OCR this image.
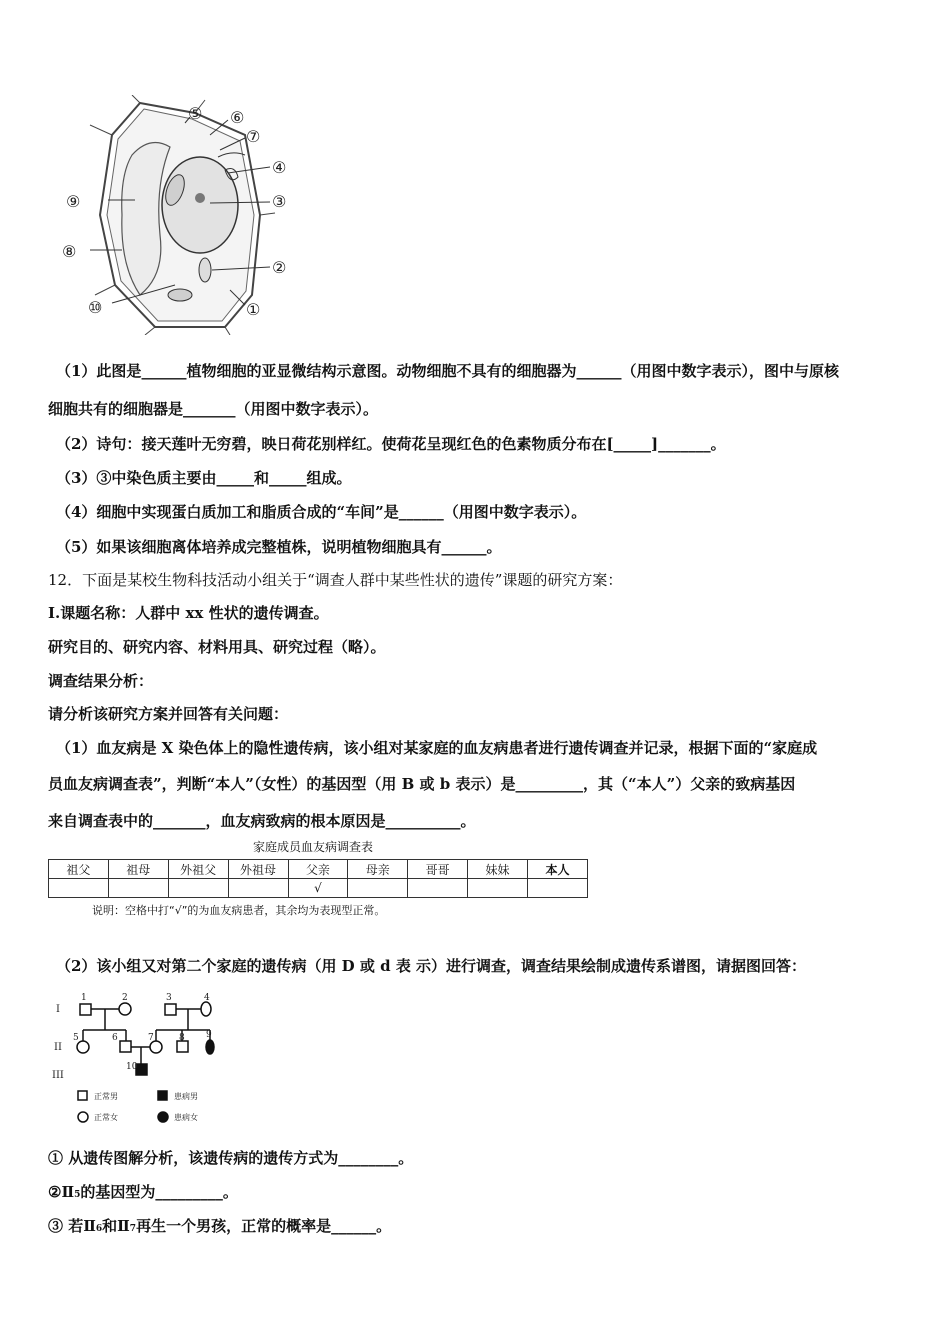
⑤ ⑥
⑦
④
⑨	③
⑧
②
⑩	①
（1）此图是______植物细胞的亚显微结构示意图。动物细胞不具有的细胞器为______（用图中数字表示），图中与原核
细胞共有的细胞器是_______（用图中数字表示）。
（2）诗句：接天莲叶无穷碧，映日荷花别样红。使荷花呈现红色的色素物质分布在[_____]_______。
（3）③中染色质主要由_____和_____组成。
（4）细胞中实现蛋白质加工和脂质合成的“车间”是______（用图中数字表示）。
（5）如果该细胞离体培养成完整植株，说明植物细胞具有______。
12．下面是某校生物科技活动小组关于“调查人群中某些性状的遗传”课题的研究方案：
I.课题名称：人群中 xx 性状的遗传调查。
研究目的、研究内容、材料用具、研究过程（略）。
调查结果分析：
请分析该研究方案并回答有关问题：
（1）血友病是 X 染色体上的隐性遗传病，该小组对某家庭的血友病患者进行遗传调查并记录，根据下面的“家庭成
员血友病调查表”，判断“本人”（女性）的基因型（用 B 或 b 表示）是_________，其（“本人”）父亲的致病基因
来自调查表中的_______，血友病致病的根本原因是__________。
家庭成员血友病调查表
祖父	祖母	外祖父	外祖母	父亲	母亲	哥哥	妹妹	本人
				√				
说明：空格中打“√”的为血友病患者，其余均为表现型正常。
（2）该小组又对第二个家庭的遗传病（用 D 或 d 表 示）进行调查，调查结果绘制成遗传系谱图，请据图回答：
I
II
III
1	2	3	4
5	6	7	8 9
10
正常男	患病男
正常女	患病女
① 从遗传图解分析，该遗传病的遗传方式为________。
②Ⅱ5的基因型为_________。
③ 若Ⅱ6和Ⅱ7再生一个男孩，正常的概率是______。
